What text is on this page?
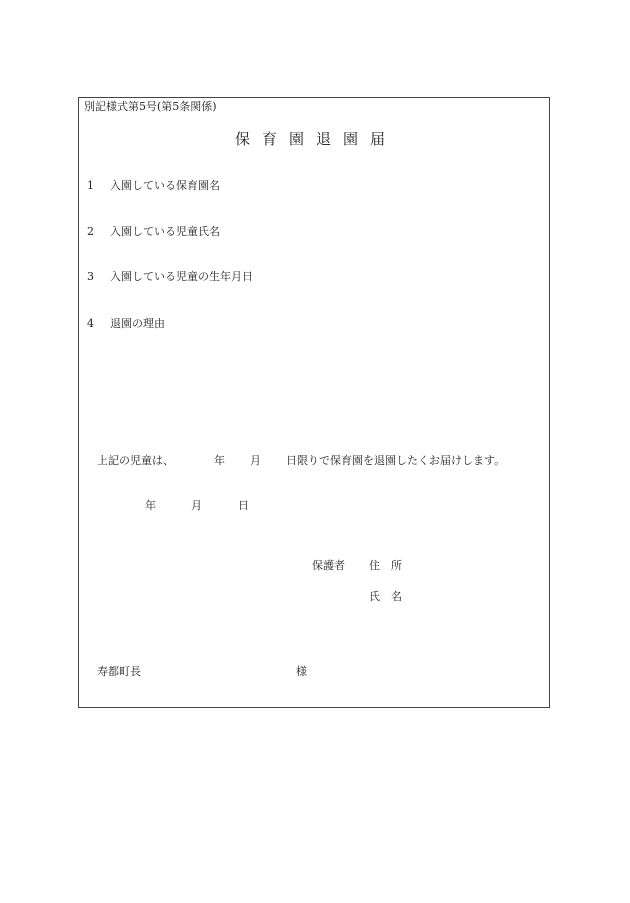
別記様式第5号(第5条関係)
保育園退園届
1 入園している保育園名
2 入園している児童氏名
3 入園している児童の生年月日
4 退園の理由
上記の児童は、	年 月 日限りで保育園を退園したくお届けします。
年	月	日
保護者 住　所
氏　名
寿都町長	様
